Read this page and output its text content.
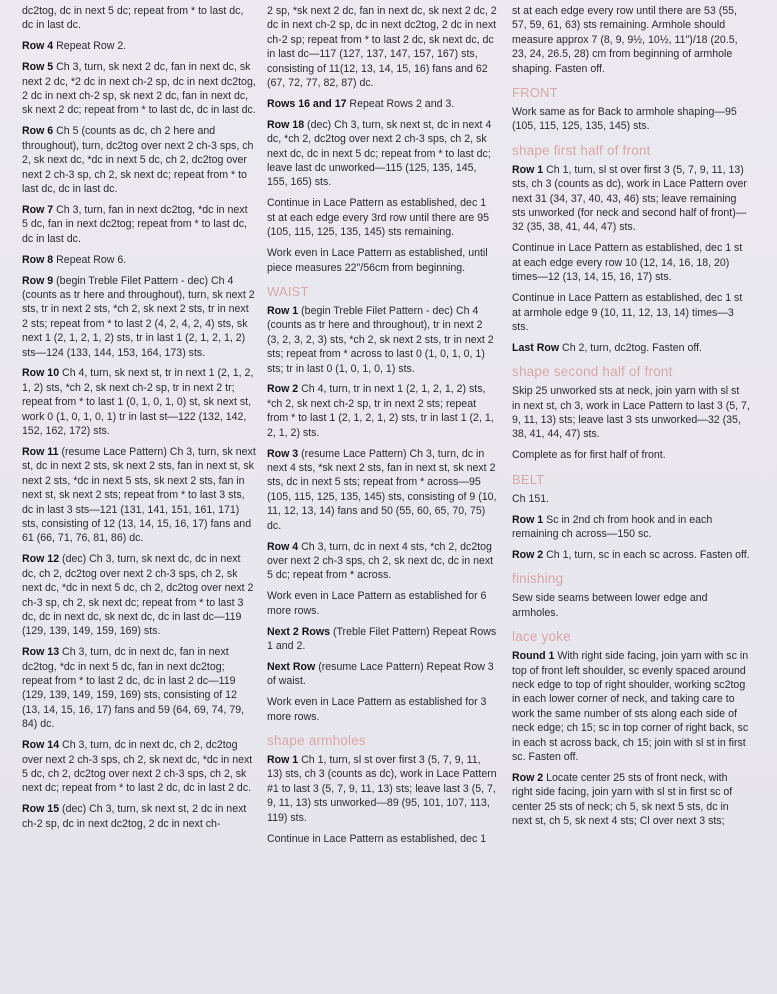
dc2tog, dc in next 5 dc; repeat from * to last dc, dc in last dc.
Row 4 Repeat Row 2.
Row 5 Ch 3, turn, sk next 2 dc, fan in next dc, sk next 2 dc, *2 dc in next ch-2 sp, dc in next dc2tog, 2 dc in next ch-2 sp, sk next 2 dc, fan in next dc, sk next 2 dc; repeat from * to last dc, dc in last dc.
Row 6 Ch 5 (counts as dc, ch 2 here and throughout), turn, dc2tog over next 2 ch-3 sps, ch 2, sk next dc, *dc in next 5 dc, ch 2, dc2tog over next 2 ch-3 sp, ch 2, sk next dc; repeat from * to last dc, dc in last dc.
Row 7 Ch 3, turn, fan in next dc2tog, *dc in next 5 dc, fan in next dc2tog; repeat from * to last dc, dc in last dc.
Row 8 Repeat Row 6.
Row 9 (begin Treble Filet Pattern - dec) Ch 4 (counts as tr here and throughout), turn, sk next 2 sts, tr in next 2 sts, *ch 2, sk next 2 sts, tr in next 2 sts; repeat from * to last 2 (4, 2, 4, 2, 4) sts, sk next 1 (2, 1, 2, 1, 2) sts, tr in last 1 (2, 1, 2, 1, 2) sts—124 (133, 144, 153, 164, 173) sts.
Row 10 Ch 4, turn, sk next st, tr in next 1 (2, 1, 2, 1, 2) sts, *ch 2, sk next ch-2 sp, tr in next 2 tr; repeat from * to last 1 (0, 1, 0, 1, 0) st, sk next st, work 0 (1, 0, 1, 0, 1) tr in last st—122 (132, 142, 152, 162, 172) sts.
Row 11 (resume Lace Pattern) Ch 3, turn, sk next st, dc in next 2 sts, sk next 2 sts, fan in next st, sk next 2 sts, *dc in next 5 sts, sk next 2 sts, fan in next st, sk next 2 sts; repeat from * to last 3 sts, dc in last 3 sts—121 (131, 141, 151, 161, 171) sts, consisting of 12 (13, 14, 15, 16, 17) fans and 61 (66, 71, 76, 81, 86) dc.
Row 12 (dec) Ch 3, turn, sk next dc, dc in next dc, ch 2, dc2tog over next 2 ch-3 sps, ch 2, sk next dc, *dc in next 5 dc, ch 2, dc2tog over next 2 ch-3 sp, ch 2, sk next dc; repeat from * to last 3 dc, dc in next dc, sk next dc, dc in last dc—119 (129, 139, 149, 159, 169) sts.
Row 13 Ch 3, turn, dc in next dc, fan in next dc2tog, *dc in next 5 dc, fan in next dc2tog; repeat from * to last 2 dc, dc in last 2 dc—119 (129, 139, 149, 159, 169) sts, consisting of 12 (13, 14, 15, 16, 17) fans and 59 (64, 69, 74, 79, 84) dc.
Row 14 Ch 3, turn, dc in next dc, ch 2, dc2tog over next 2 ch-3 sps, ch 2, sk next dc, *dc in next 5 dc, ch 2, dc2tog over next 2 ch-3 sps, ch 2, sk next dc; repeat from * to last 2 dc, dc in last 2 dc.
Row 15 (dec) Ch 3, turn, sk next st, 2 dc in next ch-2 sp, dc in next dc2tog, 2 dc in next ch-
2 sp, *sk next 2 dc, fan in next dc, sk next 2 dc, 2 dc in next ch-2 sp, dc in next dc2tog, 2 dc in next ch-2 sp; repeat from * to last 2 dc, sk next dc, dc in last dc—117 (127, 137, 147, 157, 167) sts, consisting of 11(12, 13, 14, 15, 16) fans and 62 (67, 72, 77, 82, 87) dc.
Rows 16 and 17 Repeat Rows 2 and 3.
Row 18 (dec) Ch 3, turn, sk next st, dc in next 4 dc, *ch 2, dc2tog over next 2 ch-3 sps, ch 2, sk next dc, dc in next 5 dc; repeat from * to last dc; leave last dc unworked—115 (125, 135, 145, 155, 165) sts.
Continue in Lace Pattern as established, dec 1 st at each edge every 3rd row until there are 95 (105, 115, 125, 135, 145) sts remaining.
Work even in Lace Pattern as established, until piece measures 22"/56cm from beginning.
WAIST
Row 1 (begin Treble Filet Pattern - dec) Ch 4 (counts as tr here and throughout), tr in next 2 (3, 2, 3, 2, 3) sts, *ch 2, sk next 2 sts, tr in next 2 sts; repeat from * across to last 0 (1, 0, 1, 0, 1) sts; tr in last 0 (1, 0, 1, 0, 1) sts.
Row 2 Ch 4, turn, tr in next 1 (2, 1, 2, 1, 2) sts, *ch 2, sk next ch-2 sp, tr in next 2 sts; repeat from * to last 1 (2, 1, 2, 1, 2) sts, tr in last 1 (2, 1, 2, 1, 2) sts.
Row 3 (resume Lace Pattern) Ch 3, turn, dc in next 4 sts, *sk next 2 sts, fan in next st, sk next 2 sts, dc in next 5 sts; repeat from * across—95 (105, 115, 125, 135, 145) sts, consisting of 9 (10, 11, 12, 13, 14) fans and 50 (55, 60, 65, 70, 75) dc.
Row 4 Ch 3, turn, dc in next 4 sts, *ch 2, dc2tog over next 2 ch-3 sps, ch 2, sk next dc, dc in next 5 dc; repeat from * across.
Work even in Lace Pattern as established for 6 more rows.
Next 2 Rows (Treble Filet Pattern) Repeat Rows 1 and 2.
Next Row (resume Lace Pattern) Repeat Row 3 of waist.
Work even in Lace Pattern as established for 3 more rows.
shape armholes
Row 1 Ch 1, turn, sl st over first 3 (5, 7, 9, 11, 13) sts, ch 3 (counts as dc), work in Lace Pattern #1 to last 3 (5, 7, 9, 11, 13) sts; leave last 3 (5, 7, 9, 11, 13) sts unworked—89 (95, 101, 107, 113, 119) sts.
Continue in Lace Pattern as established, dec 1
st at each edge every row until there are 53 (55, 57, 59, 61, 63) sts remaining. Armhole should measure approx 7 (8, 9, 9½, 10½, 11")/18 (20.5, 23, 24, 26.5, 28) cm from beginning of armhole shaping. Fasten off.
FRONT
Work same as for Back to armhole shaping—95 (105, 115, 125, 135, 145) sts.
shape first half of front
Row 1 Ch 1, turn, sl st over first 3 (5, 7, 9, 11, 13) sts, ch 3 (counts as dc), work in Lace Pattern over next 31 (34, 37, 40, 43, 46) sts; leave remaining sts unworked (for neck and second half of front)—32 (35, 38, 41, 44, 47) sts.
Continue in Lace Pattern as established, dec 1 st at each edge every row 10 (12, 14, 16, 18, 20) times—12 (13, 14, 15, 16, 17) sts.
Continue in Lace Pattern as established, dec 1 st at armhole edge 9 (10, 11, 12, 13, 14) times—3 sts.
Last Row Ch 2, turn, dc2tog. Fasten off.
shape second half of front
Skip 25 unworked sts at neck, join yarn with sl st in next st, ch 3, work in Lace Pattern to last 3 (5, 7, 9, 11, 13) sts; leave last 3 sts unworked—32 (35, 38, 41, 44, 47) sts.
Complete as for first half of front.
BELT
Ch 151.
Row 1 Sc in 2nd ch from hook and in each remaining ch across—150 sc.
Row 2 Ch 1, turn, sc in each sc across. Fasten off.
finishing
Sew side seams between lower edge and armholes.
lace yoke
Round 1 With right side facing, join yarn with sc in top of front left shoulder, sc evenly spaced around neck edge to top of right shoulder, working sc2tog in each lower corner of neck, and taking care to work the same number of sts along each side of neck edge; ch 15; sc in top corner of right back, sc in each st across back, ch 15; join with sl st in first sc. Fasten off.
Row 2 Locate center 25 sts of front neck, with right side facing, join yarn with sl st in first sc of center 25 sts of neck; ch 5, sk next 5 sts, dc in next st, ch 5, sk next 4 sts; Cl over next 3 sts;
